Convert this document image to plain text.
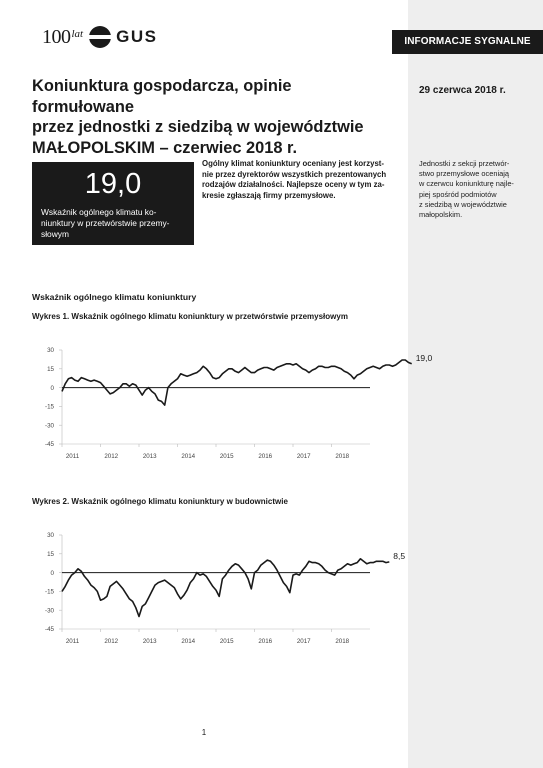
100 lat GUS	INFORMACJE SYGNALNE
29 czerwca 2018 r.
Koniunktura gospodarcza, opinie formułowane
przez jednostki z siedzibą w województwie
MAŁOPOLSKIM – czerwiec 2018 r.
19,0
Wskaźnik ogólnego klimatu ko-
niunktury w przetwórstwie przemy-
słowym
Ogólny klimat koniunktury oceniany jest korzyst-
nie przez dyrektorów wszystkich prezentowanych
rodzajów działalności. Najlepsze oceny w tym za-
kresie zgłaszają firmy przemysłowe.
Jednostki z sekcji przetwór-
stwo przemysłowe oceniają
w czerwcu koniunkturę najle-
piej spośród podmiotów
z siedzibą w województwie
małopolskim.
Wskaźnik ogólnego klimatu koniunktury
Wykres 1. Wskaźnik ogólnego klimatu koniunktury w przetwórstwie przemysłowym
30
15
0
-15
-30
-45
2011	2012	2013	2014	2015	2016	2017	2018
19,0
Wykres 2. Wskaźnik ogólnego klimatu koniunktury w budownictwie
30
15
0
-15
-30
-45
2011	2012	2013	2014	2015	2016	2017	2018
8,5
1
